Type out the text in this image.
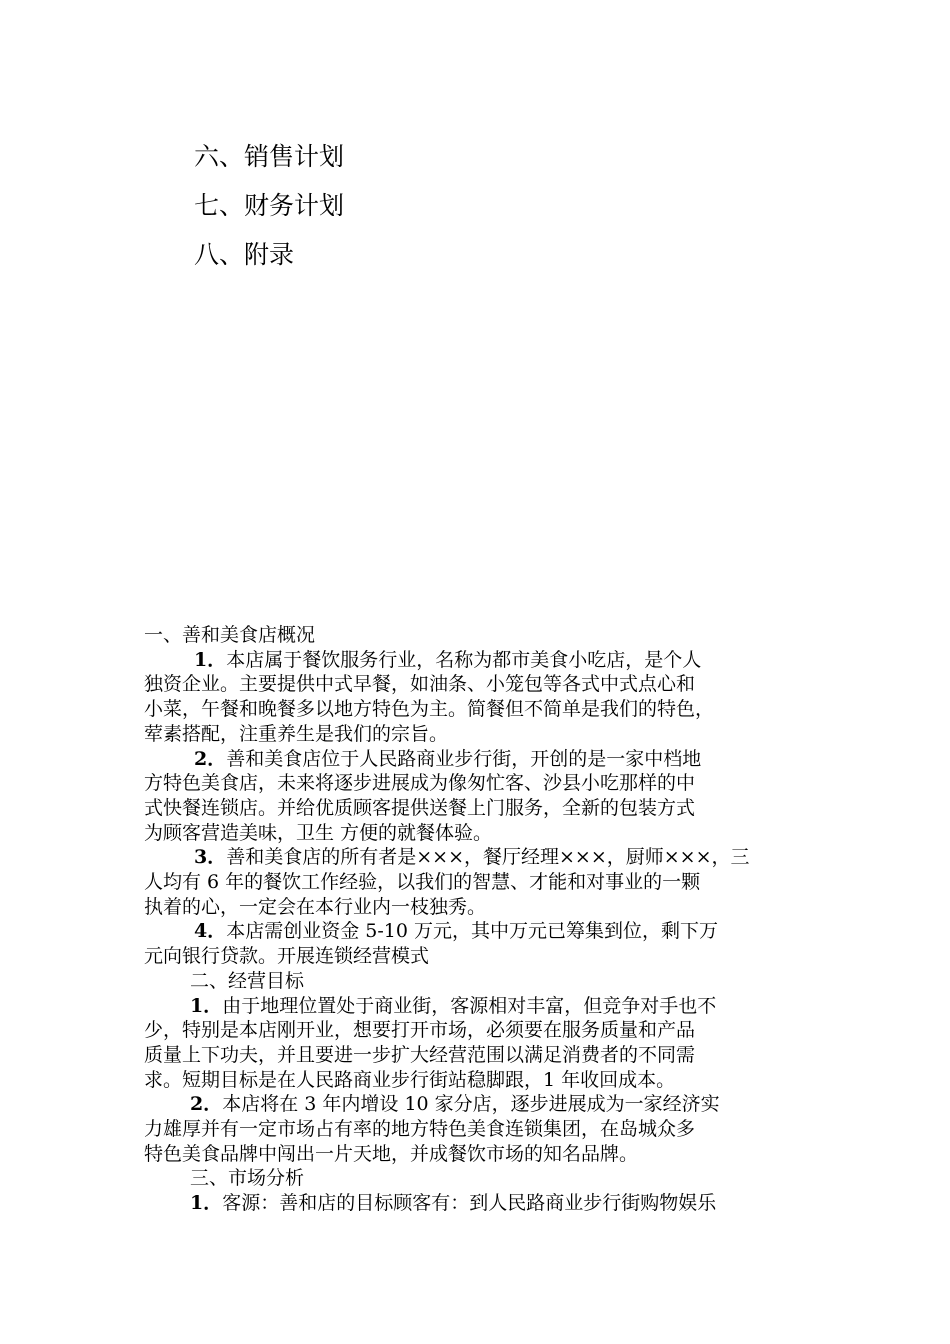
六、销售计划
七、财务计划
八、附录
一、善和美食店概况
1．本店属于餐饮服务行业，名称为都市美食小吃店，是个人
独资企业。主要提供中式早餐，如油条、小笼包等各式中式点心和
小菜，午餐和晚餐多以地方特色为主。简餐但不简单是我们的特色，
荤素搭配，注重养生是我们的宗旨。
2．善和美食店位于人民路商业步行街，开创的是一家中档地
方特色美食店，未来将逐步进展成为像匆忙客、沙县小吃那样的中
式快餐连锁店。并给优质顾客提供送餐上门服务，全新的包装方式
为顾客营造美味，卫生 方便的就餐体验。
3．善和美食店的所有者是×××，餐厅经理×××，厨师×××，三
人均有 6 年的餐饮工作经验，以我们的智慧、才能和对事业的一颗
执着的心，一定会在本行业内一枝独秀。
4．本店需创业资金 5-10 万元，其中万元已筹集到位，剩下万
元向银行贷款。开展连锁经营模式
二、经营目标
1．由于地理位置处于商业街，客源相对丰富，但竞争对手也不
少，特别是本店刚开业，想要打开市场，必须要在服务质量和产品
质量上下功夫，并且要进一步扩大经营范围以满足消费者的不同需
求。短期目标是在人民路商业步行街站稳脚跟，1 年收回成本。
2．本店将在 3 年内增设 10 家分店，逐步进展成为一家经济实
力雄厚并有一定市场占有率的地方特色美食连锁集团，在岛城众多
特色美食品牌中闯出一片天地，并成餐饮市场的知名品牌。
三、市场分析
1．客源：善和店的目标顾客有：到人民路商业步行街购物娱乐
